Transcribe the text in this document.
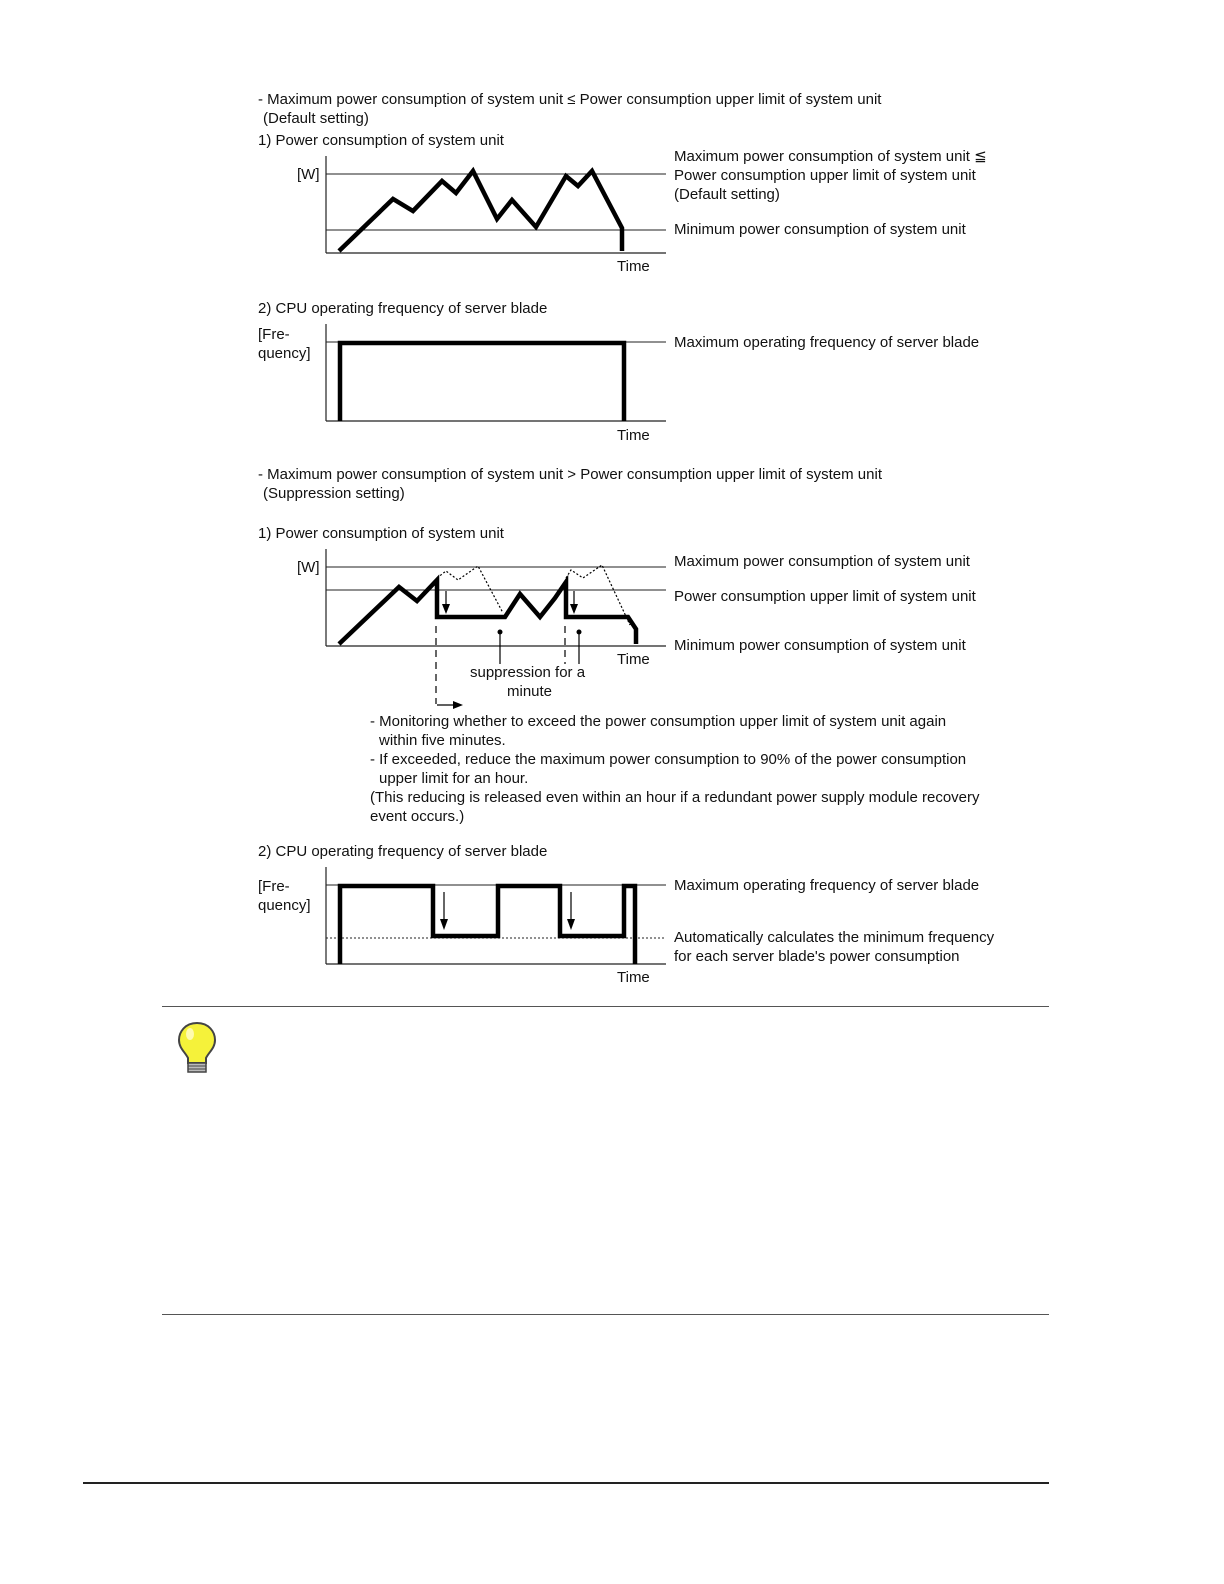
- Maximum power consumption of system unit ≤ Power consumption upper limit of system unit
(Default setting)
1) Power consumption of system unit
[W]
Time
Maximum power consumption of system unit ≦
Power consumption upper limit of system unit
(Default setting)
Minimum power consumption of system unit
2) CPU operating frequency of server blade
[Fre-
quency]
Time
Maximum operating frequency of server blade
- Maximum power consumption of system unit > Power consumption upper limit of system unit
(Suppression setting)
1) Power consumption of system unit
[W]
Time
Maximum power consumption of system unit
Power consumption upper limit of system unit
Minimum power consumption of system unit
suppression for a
minute
- Monitoring whether to exceed the power consumption upper limit of system unit again
within five minutes.
- If exceeded, reduce the maximum power consumption to 90% of the power consumption
upper limit for an hour.
(This reducing is released even within an hour if a redundant power supply module recovery
event occurs.)
2) CPU operating frequency of server blade
[Fre-
quency]
Time
Maximum operating frequency of server blade
Automatically calculates the minimum frequency
for each server blade's power consumption
